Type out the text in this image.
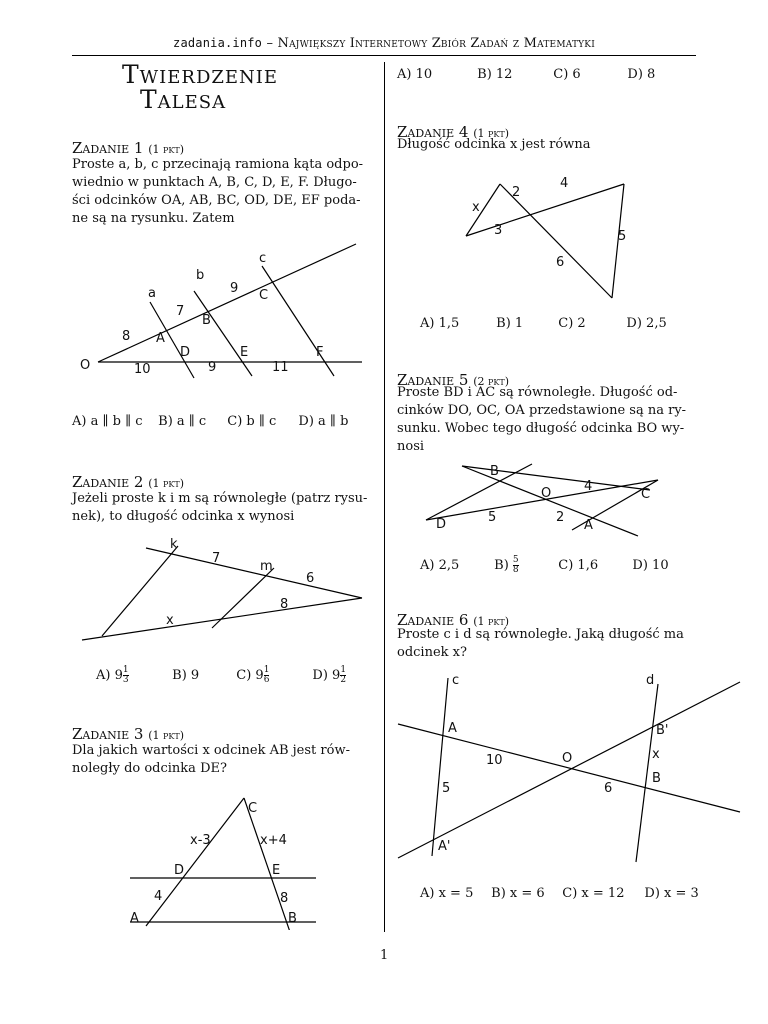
zadania.info – Największy Internetowy Zbiór Zadań z Matematyki
Twierdzenie
Talesa
Zadanie 1 (1 pkt)
Proste a, b, c przecinają ramiona kąta odpo- wiednio w punktach A, B, C, D, E, F. Długo- ści odcinków OA, AB, BC, OD, DE, EF poda- ne są na rysunku. Zatem
a
b
c
O
A
B
C
D	E	F
8
7
9
10	9	11
A) a ∥ b ∥ c B) a ∥ c C) b ∥ c D) a ∥ b
Zadanie 2 (1 pkt)
Jeżeli proste k i m są równoległe (patrz rysu- nek), to długość odcinka x wynosi
k
m
7
6
8
x
A) $9 \frac{1}{3}$	B) 9	C) $9 \frac{1}{6}$	D) $9 \frac{1}{2}$
Zadanie 3 (1 pkt)
Dla jakich wartości x odcinek AB jest rów- noległy do odcinka DE?
C
x-3	x+4
D	E
4	8
A	B
A) 10	B) 12	C) 6	D) 8
Zadanie 4 (1 pkt)
Długość odcinka x jest równa
x
2
4
3	5
6
A) 1,5	B) 1	C) 2	D) 2,5
Zadanie 5 (2 pkt)
Proste BD i AC są równoległe. Długość od- cinków DO, OC, OA przedstawione są na ry- sunku. Wobec tego długość odcinka BO wy- nosi
B
O	4
C
D	5	2
A
A) 2,5	$B) \frac{5}{8}$	C) 1,6	D) 10
Zadanie 6 (1 pkt)
Proste c i d są równoległe. Jaką długość ma odcinek x?
c	d
A	B'
10	O	x
5	6
B
A'
A) x = 5 B) x = 6 C) x = 12 D) x = 3
1
